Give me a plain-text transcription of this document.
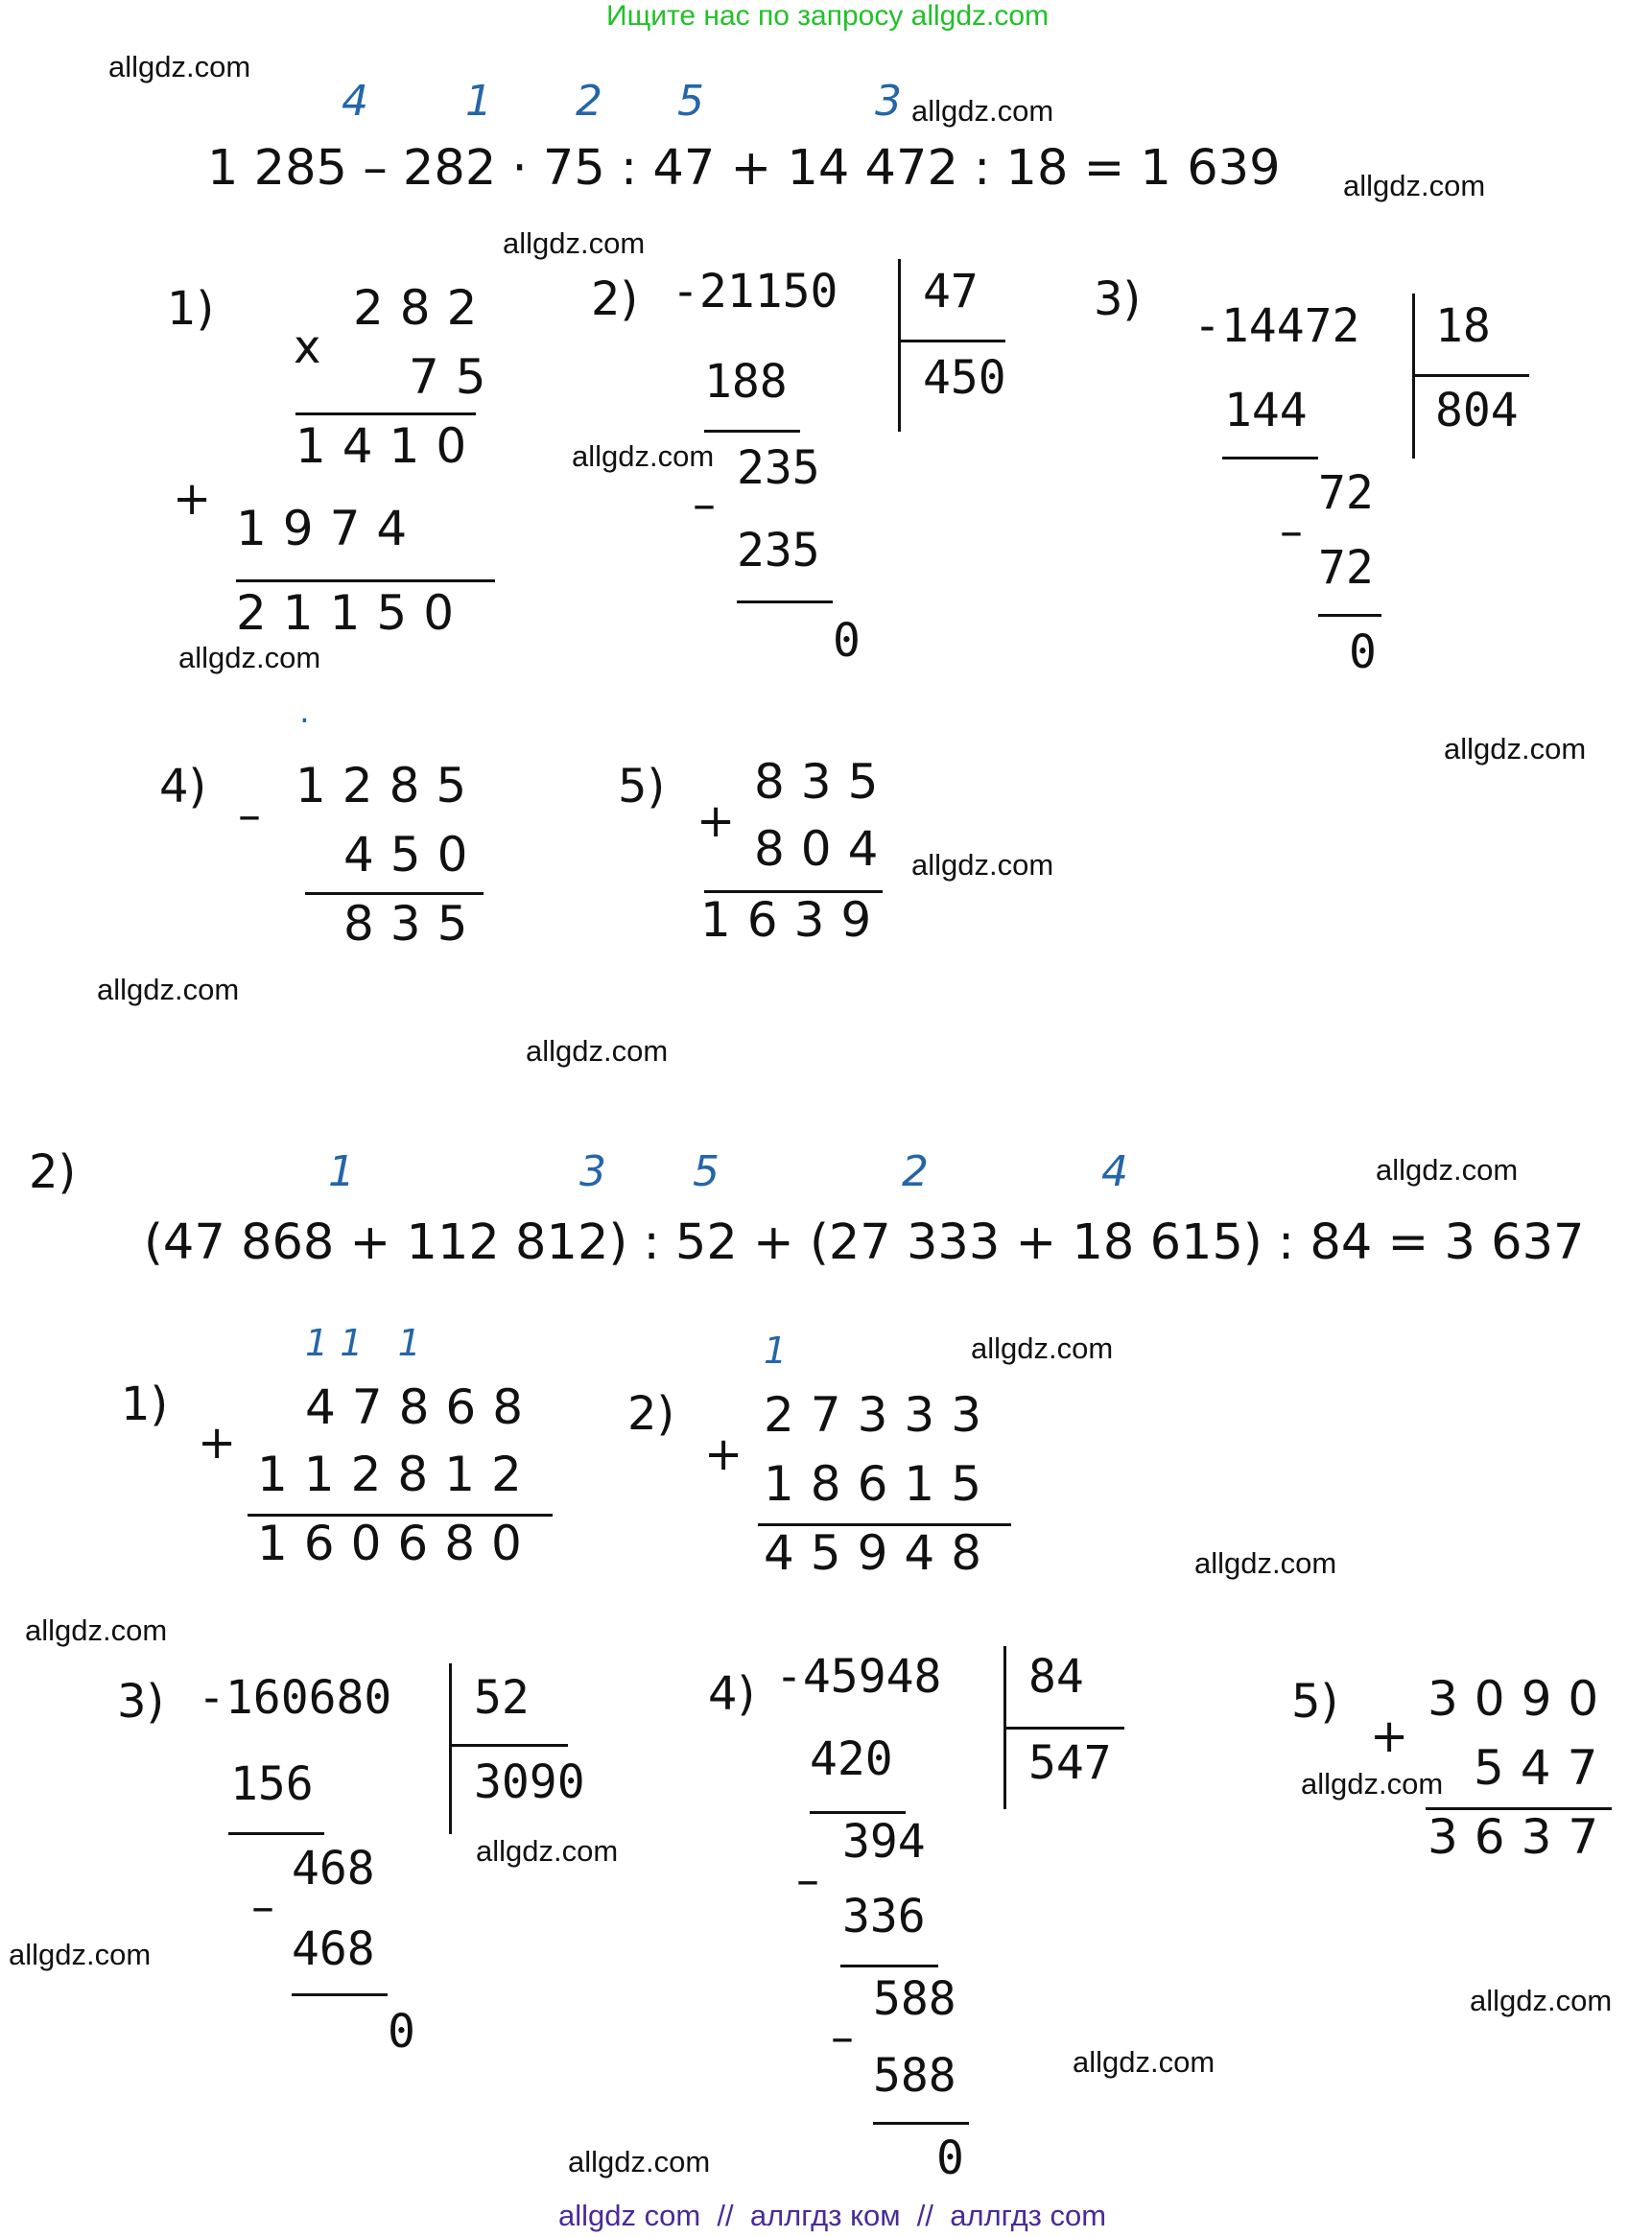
Ищите нас по запросу allgdz.com
allgdz.com
allgdz.com
allgdz.com
allgdz.com
allgdz.com
allgdz.com
allgdz.com
allgdz.com
allgdz.com
allgdz.com
allgdz.com
allgdz.com
allgdz.com
allgdz.com
allgdz.com
allgdz.com
allgdz.com
allgdz.com
allgdz.com
allgdz.com
4 1 2 5	3
1 285 – 282 · 75 : 47 + 14 472 : 18 = 1 639
1)
x
282
75
1410
+
1974
21150
2) -21150 47
450
188
235
–
235
0
3) -14472 18
804
144
72
–
72
0
.
4)
–
1285
450
835
5)
+
835
804
1639
2)	1	3 5	2	4
(47 868 + 112 812) : 52 + (27 333 + 18 615) : 84 = 3 637
1 1   1
1)
+
47868
112812
160680
1
2)
+
27333
18615
45948
3) -160680 52
3090
156
468
–
468
0
4) -45948 84
547
420
394
–
336
588
–
588
0
5)
+
3090
547
3637
allgdz com  //  аллгдз ком  //  аллгдз com
